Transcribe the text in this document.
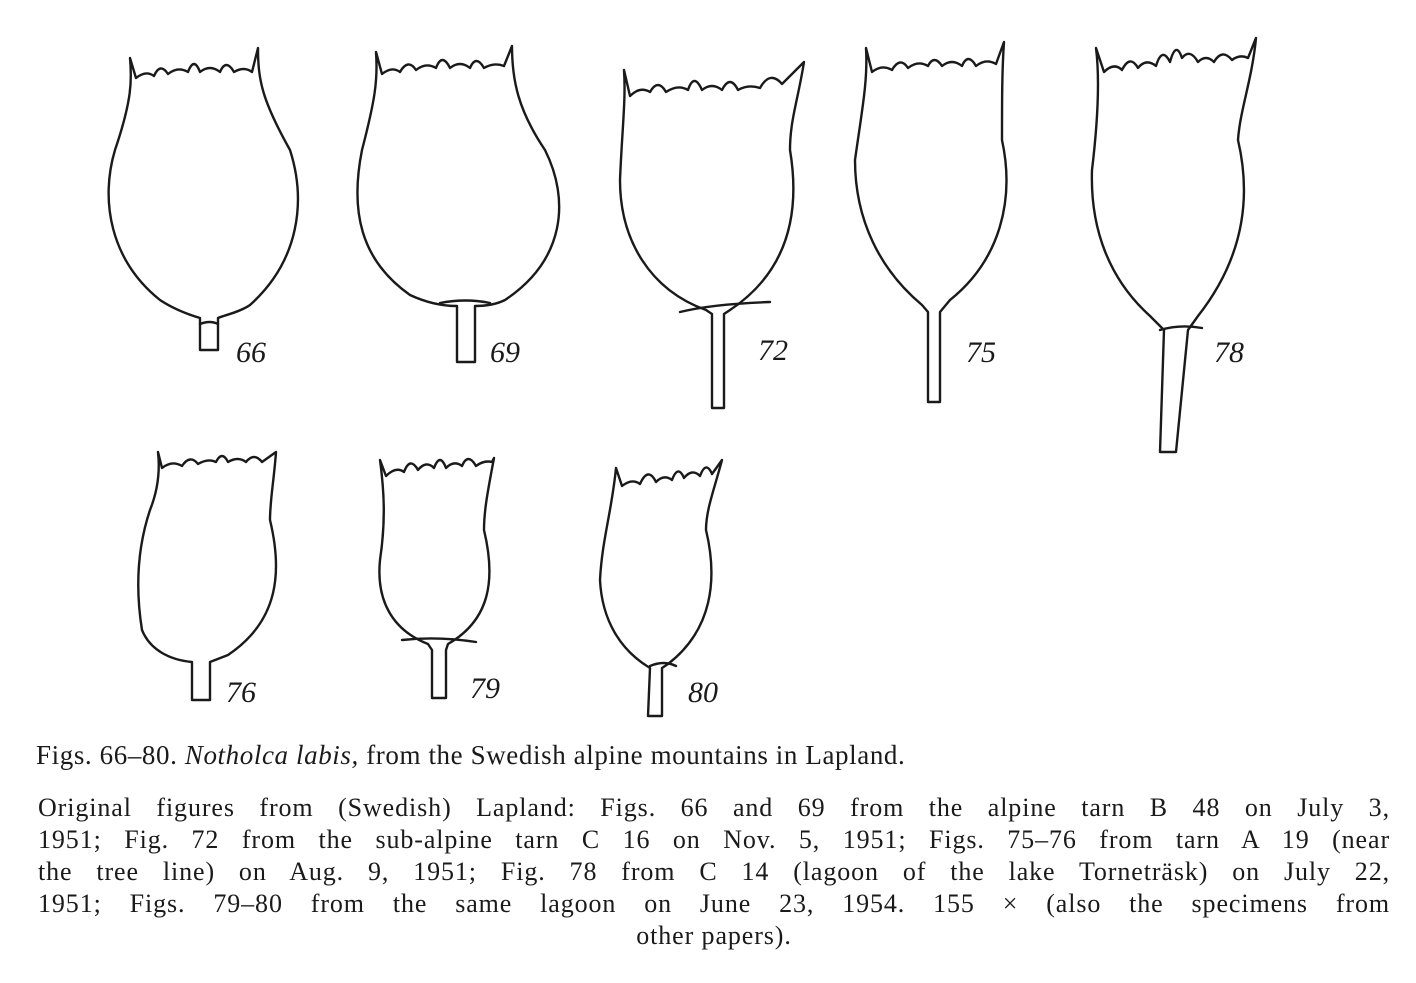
66	69	72	75	78
76	79	80
Figs. 66–80. Notholca labis, from the Swedish alpine mountains in Lapland.
Original figures from (Swedish) Lapland: Figs. 66 and 69 from the alpine tarn B 48 on July 3,
1951; Fig. 72 from the sub-alpine tarn C 16 on Nov. 5, 1951; Figs. 75–76 from tarn A 19 (near
the tree line) on Aug. 9, 1951; Fig. 78 from C 14 (lagoon of the lake Torneträsk) on July 22,
1951; Figs. 79–80 from the same lagoon on June 23, 1954. 155 × (also the specimens from
other papers).
